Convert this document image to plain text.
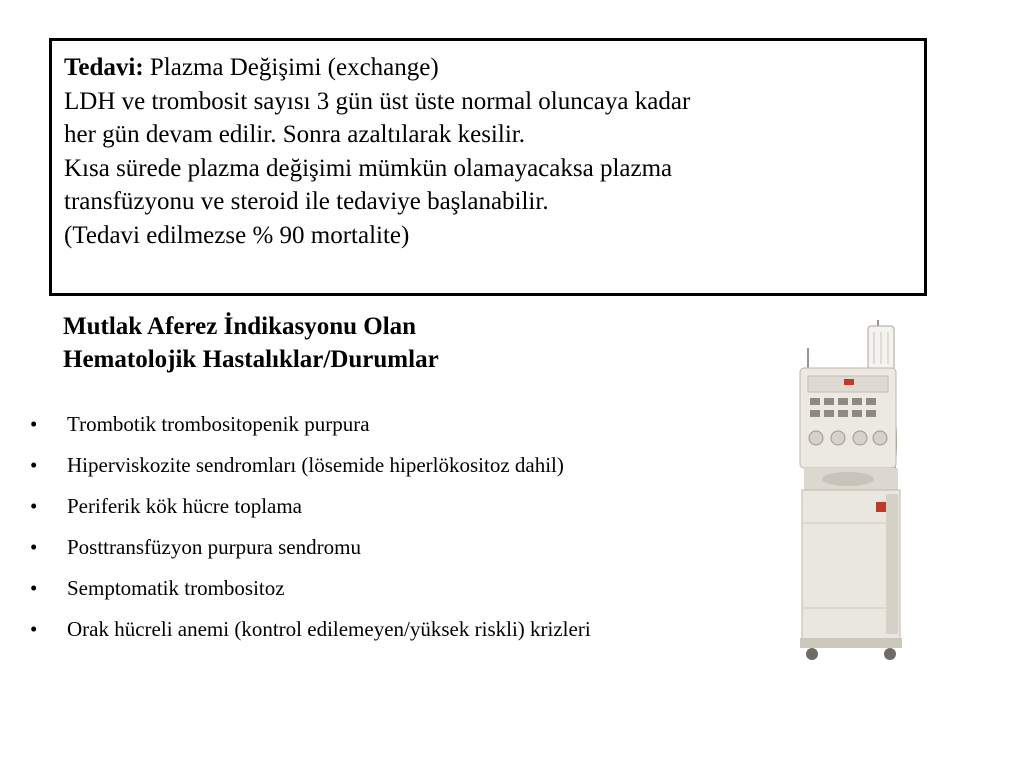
Tedavi: Plazma Değişimi (exchange)

LDH ve trombosit sayısı 3 gün üst üste normal oluncaya kadar

her gün devam edilir. Sonra azaltılarak kesilir.

Kısa sürede plazma değişimi mümkün olamayacaksa plazma

transfüzyonu ve steroid ile tedaviye başlanabilir.

(Tedavi edilmezse % 90 mortalite)

Mutlak Aferez İndikasyonu Olan
Hematolojik Hastalıklar/Durumlar
• Trombotik trombositopenik purpura
• Hiperviskozite sendromları (lösemide hiperlökositoz dahil)
• Periferik kök hücre toplama
• Posttransfüzyon purpura sendromu
• Semptomatik trombositoz
• Orak hücreli anemi (kontrol edilemeyen/yüksek riskli) krizleri
